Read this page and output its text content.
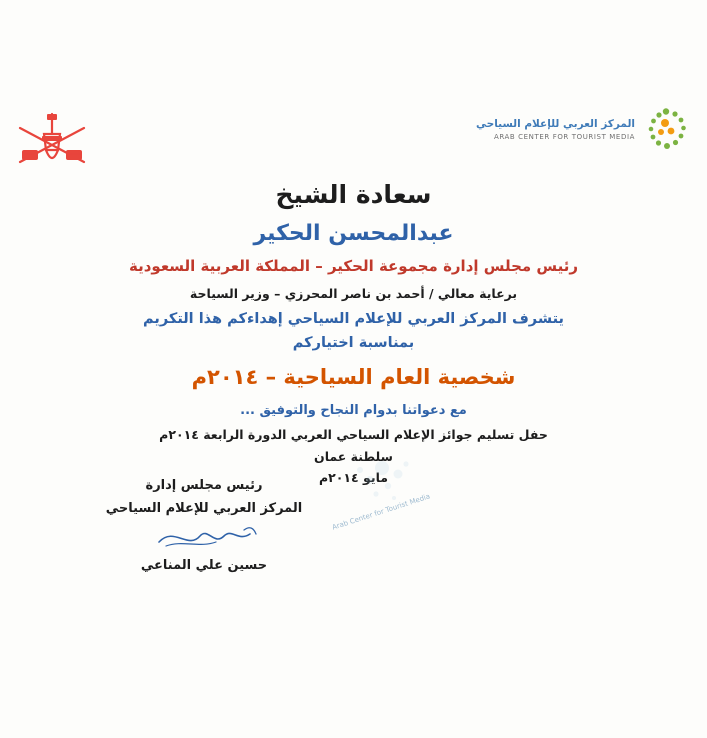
المركز العربي للإعلام السياحي
ARAB CENTER FOR TOURIST MEDIA

سعادة الشيخ

عبدالمحسن الحكير

رئيس مجلس إدارة مجموعة الحكير – المملكة العربية السعودية

برعاية معالي / أحمد بن ناصر المحرزي – وزير السياحة

يتشرف المركز العربي للإعلام السياحي إهداءكم هذا التكريم

بمناسبة اختياركم

شخصية العام السياحية – ٢٠١٤م

مع دعواتنا بدوام النجاح والتوفيق ...

حفل تسليم جوائز الإعلام السياحي العربي الدورة الرابعة ٢٠١٤م

سلطنة عمان

مايو ٢٠١٤م

Arab Center for Tourist Media
رئيس مجلس إدارة
المركز العربي للإعلام السياحي
حسين علي المناعي
